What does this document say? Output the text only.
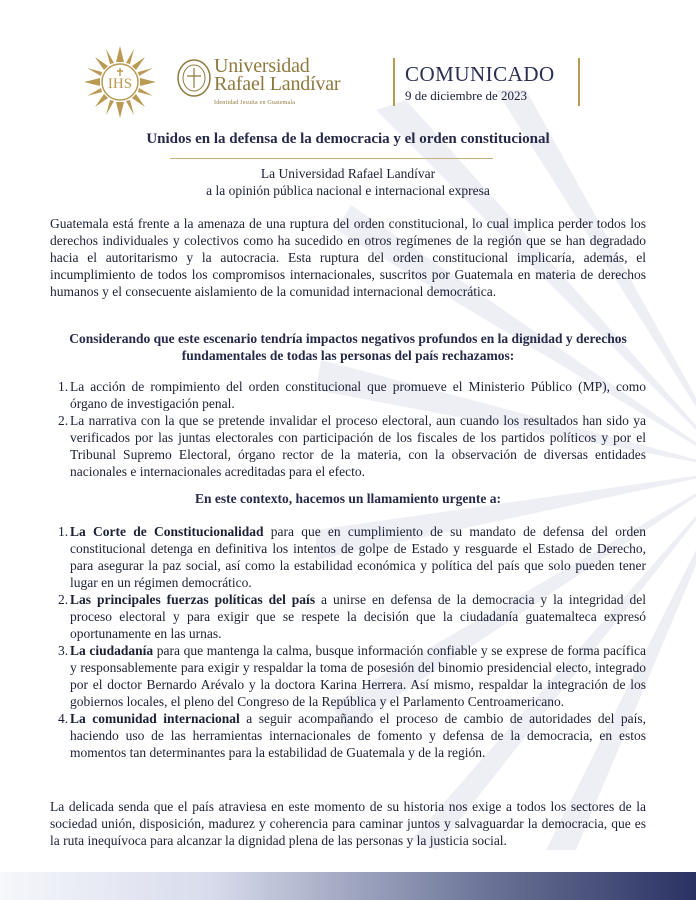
IHS
Universidad
Rafael Landívar
Identidad Jesuita en Guatemala
COMUNICADO
9 de diciembre de 2023
Unidos en la defensa de la democracia y el orden constitucional
La Universidad Rafael Landívar
a la opinión pública nacional e internacional expresa

Guatemala está frente a la amenaza de una ruptura del orden constitucional, lo cual implica perder todos los derechos individuales y colectivos como ha sucedido en otros regímenes de la región que se han degradado hacia el autoritarismo y la autocracia. Esta ruptura del orden constitucional implicaría, además, el incumplimiento de todos los compromisos internacionales, suscritos por Guatemala en materia de derechos humanos y el consecuente aislamiento de la comunidad internacional democrática.

Considerando que este escenario tendría impactos negativos profundos en la dignidad y derechos fundamentales de todas las personas del país rechazamos:

1. La acción de rompimiento del orden constitucional que promueve el Ministerio Público (MP), como órgano de investigación penal.
2. La narrativa con la que se pretende invalidar el proceso electoral, aun cuando los resultados han sido ya verificados por las juntas electorales con participación de los fiscales de los partidos políticos y por el Tribunal Supremo Electoral, órgano rector de la materia, con la observación de diversas entidades nacionales e internacionales acreditadas para el efecto.

En este contexto, hacemos un llamamiento urgente a:

1. La Corte de Constitucionalidad para que en cumplimiento de su mandato de defensa del orden constitucional detenga en definitiva los intentos de golpe de Estado y resguarde el Estado de Derecho, para asegurar la paz social, así como la estabilidad económica y política del país que solo pueden tener lugar en un régimen democrático.
2. Las principales fuerzas políticas del país a unirse en defensa de la democracia y la integridad del proceso electoral y para exigir que se respete la decisión que la ciudadanía guatemalteca expresó oportunamente en las urnas.
3. La ciudadanía para que mantenga la calma, busque información confiable y se exprese de forma pacífica y responsablemente para exigir y respaldar la toma de posesión del binomio presidencial electo, integrado por el doctor Bernardo Arévalo y la doctora Karina Herrera. Así mismo, respaldar la integración de los gobiernos locales, el pleno del Congreso de la República y el Parlamento Centroamericano.
4. La comunidad internacional a seguir acompañando el proceso de cambio de autoridades del país, haciendo uso de las herramientas internacionales de fomento y defensa de la democracia, en estos momentos tan determinantes para la estabilidad de Guatemala y de la región.

La delicada senda que el país atraviesa en este momento de su historia nos exige a todos los sectores de la sociedad unión, disposición, madurez y coherencia para caminar juntos y salvaguardar la democracia, que es la ruta inequívoca para alcanzar la dignidad plena de las personas y la justicia social.
